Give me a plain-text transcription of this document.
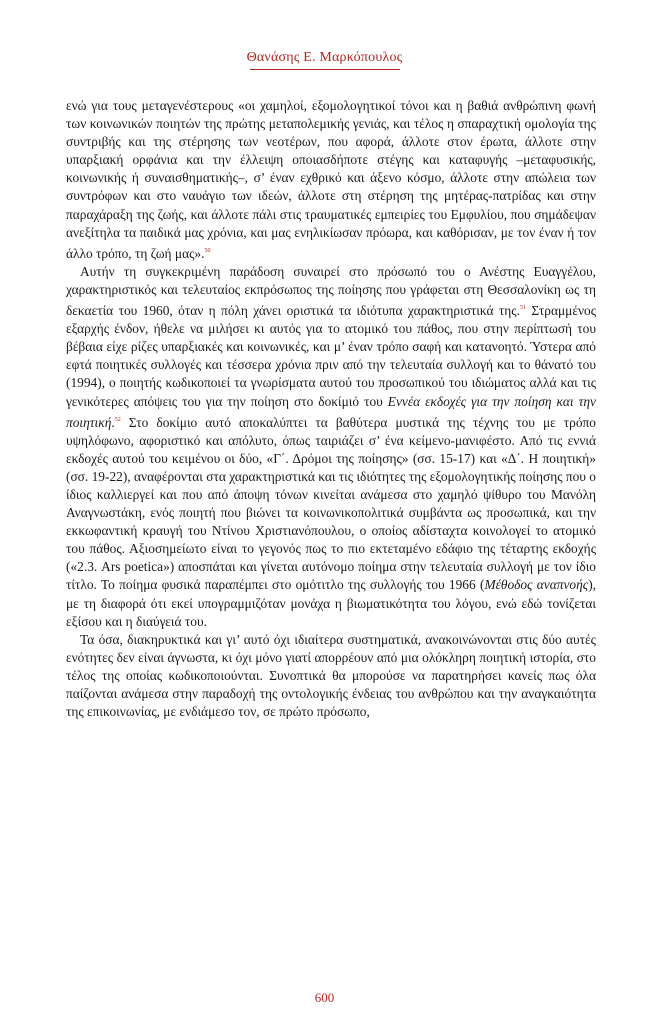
Θανάσης Ε. Μαρκόπουλος

ενώ για τους μεταγενέστερους «οι χαμηλοί, εξομολογητικοί τόνοι και η βαθιά ανθρώπινη φωνή των κοινωνικών ποιητών της πρώτης μεταπολεμικής γενιάς, και τέλος η σπαραχτική ομολογία της συντριβής και της στέρησης των νεοτέρων, που αφορά, άλλοτε στον έρωτα, άλλοτε στην υπαρξιακή ορφάνια και την έλλειψη οποιασδήποτε στέγης και καταφυγής –μεταφυσικής, κοινωνικής ή συναισθηματικής–, σ’ έναν εχθρικό και άξενο κόσμο, άλλοτε στην απώλεια των συντρόφων και στο ναυάγιο των ιδεών, άλλοτε στη στέρηση της μητέρας-πατρίδας και στην παραχάραξη της ζωής, και άλλοτε πάλι στις τραυματικές εμπειρίες του Εμφυλίου, που σημάδεψαν ανεξίτηλα τα παιδικά μας χρόνια, και μας ενηλικίωσαν πρόωρα, και καθόρισαν, με τον έναν ή τον άλλο τρόπο, τη ζωή μας».$^{50}$

Αυτήν τη συγκεκριμένη παράδοση συναιρεί στο πρόσωπό του ο Ανέστης Ευαγγέλου, χαρακτηριστικός και τελευταίος εκπρόσωπος της ποίησης που γράφεται στη Θεσσαλονίκη ως τη δεκαετία του 1960, όταν η πόλη χάνει οριστικά τα ιδιότυπα χαρακτηριστικά της.$^{51}$ Στραμμένος εξαρχής ένδον, ήθελε να μιλήσει κι αυτός για το ατομικό του πάθος, που στην περίπτωσή του βέβαια είχε ρίζες υπαρξιακές και κοινωνικές, και μ’ έναν τρόπο σαφή και κατανοητό. Ύστερα από εφτά ποιητικές συλλογές και τέσσερα χρόνια πριν από την τελευταία συλλογή και το θάνατό του (1994), ο ποιητής κωδικοποιεί τα γνωρίσματα αυτού του προσωπικού του ιδιώματος αλλά και τις γενικότερες απόψεις του για την ποίηση στο δοκίμιό του Εννέα εκδοχές για την ποίηση και την ποιητική.$^{52}$ Στο δοκίμιο αυτό αποκαλύπτει τα βαθύτερα μυστικά της τέχνης του με τρόπο υψηλόφωνο, αφοριστικό και απόλυτο, όπως ταιριάζει σ’ ένα κείμενο-μανιφέστο. Από τις εννιά εκδοχές αυτού του κειμένου οι δύο, «Γ΄. Δρόμοι της ποίησης» (σσ. 15-17) και «Δ΄. Η ποιητική» (σσ. 19-22), αναφέρονται στα χαρακτηριστικά και τις ιδιότητες της εξομολογητικής ποίησης που ο ίδιος καλλιεργεί και που από άποψη τόνων κινείται ανάμεσα στο χαμηλό ψίθυρο του Μανόλη Αναγνωστάκη, ενός ποιητή που βιώνει τα κοινωνικοπολιτικά συμβάντα ως προσωπικά, και την εκκωφαντική κραυγή του Ντίνου Χριστιανόπουλου, ο οποίος αδίσταχτα κοινολογεί το ατομικό του πάθος. Αξιοσημείωτο είναι το γεγονός πως το πιο εκτεταμένο εδάφιο της τέταρτης εκδοχής («2.3. Ars poetica») αποσπάται και γίνεται αυτόνομο ποίημα στην τελευταία συλλογή με τον ίδιο τίτλο. Το ποίημα φυσικά παραπέμπει στο ομότιτλο της συλλογής του 1966 (Μέθοδος αναπνοής), με τη διαφορά ότι εκεί υπογραμμιζόταν μονάχα η βιωματικότητα του λόγου, ενώ εδώ τονίζεται εξίσου και η διαύγειά του.

Τα όσα, διακηρυκτικά και γι’ αυτό όχι ιδιαίτερα συστηματικά, ανακοινώνονται στις δύο αυτές ενότητες δεν είναι άγνωστα, κι όχι μόνο γιατί απορρέουν από μια ολόκληρη ποιητική ιστορία, στο τέλος της οποίας κωδικοποιούνται. Συνοπτικά θα μπορούσε να παρατηρήσει κανείς πως όλα παίζονται ανάμεσα στην παραδοχή της οντολογικής ένδειας του ανθρώπου και την αναγκαιότητα της επικοινωνίας, με ενδιάμεσο τον, σε πρώτο πρόσωπο,

600
